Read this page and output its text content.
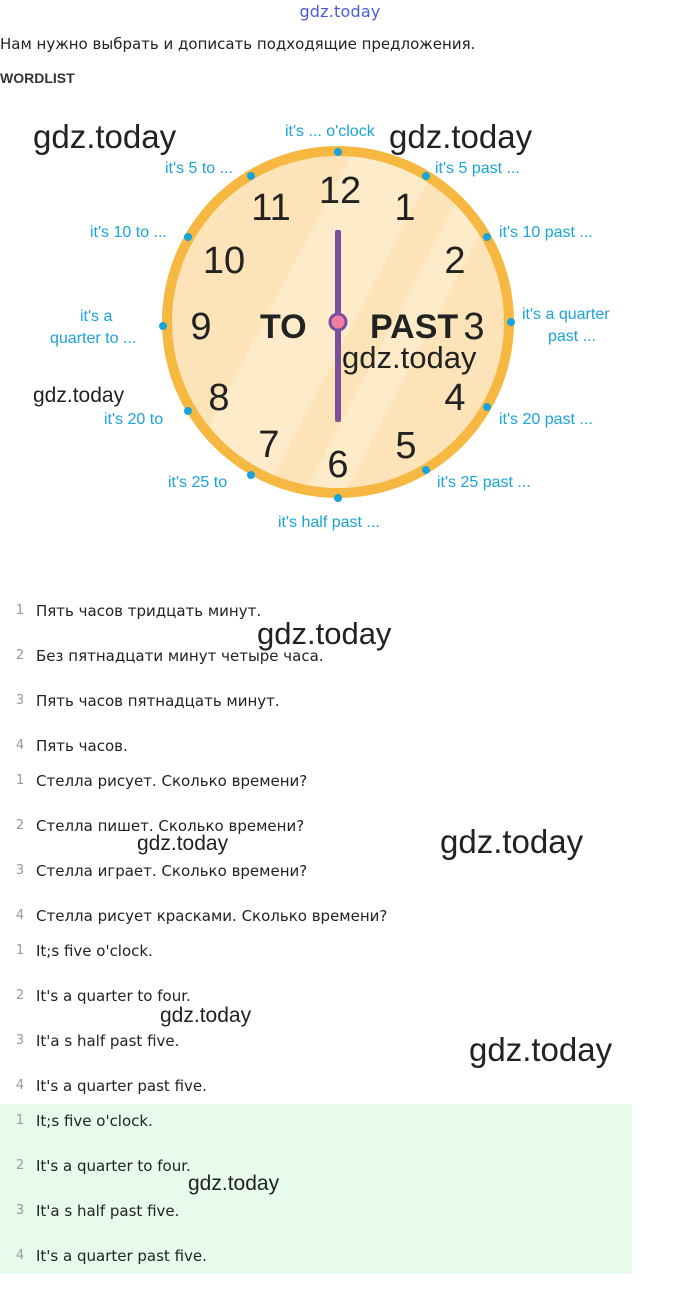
gdz.today
Нам нужно выбрать и дописать подходящие предложения.
WORDLIST
12 1
2
3
4
5
6
7
8
9
10
11
TO PAST
it's ... o'clock
it's 5 past ...
it's 10 past ...
it's a quarter
past ...
it's 20 past ...
it's 25 past ...
it's half past ...
it's 25 to
it's 20 to
it's a
quarter to ...
it's 10 to ...
it's 5 to ...
gdz.today	gdz.today
gdz.today
gdz.today
1 Пять часов тридцать минут.
2 Без пятнадцати минут четыре часа.
3 Пять часов пятнадцать минут.
4 Пять часов.
1 Стелла рисует. Сколько времени?
2 Стелла пишет. Сколько времени?
3 Стелла играет. Сколько времени?
4 Стелла рисует красками. Сколько времени?
1 It;s five o'clock.
2 It's a quarter to four.
3 It'a s half past five.
4 It's a quarter past five.
1 It;s five o'clock.
2 It's a quarter to four.
3 It'a s half past five.
4 It's a quarter past five.
gdz.today
gdz.today
gdz.today
gdz.today
gdz.today
gdz.today
